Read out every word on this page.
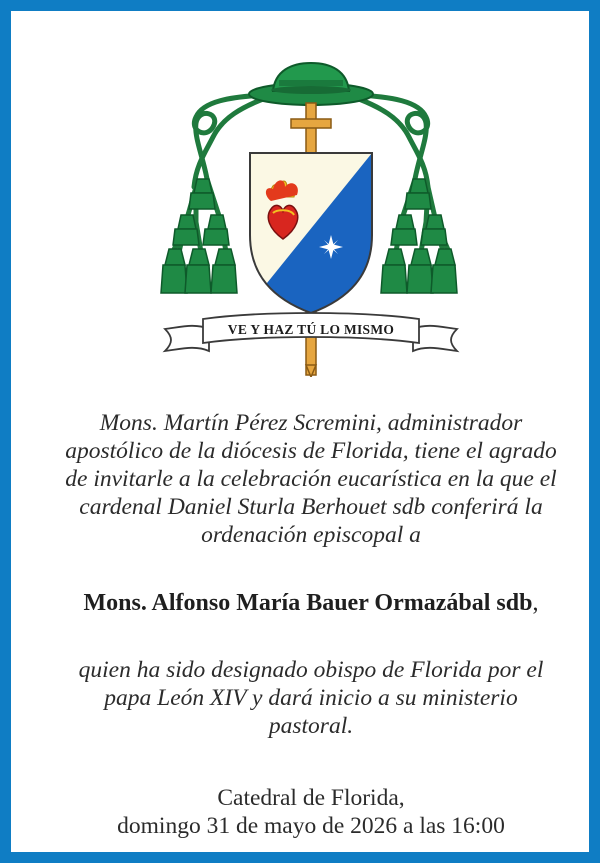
VE Y HAZ TÚ LO MISMO
Mons. Martín Pérez Scremini, administrador
apostólico de la diócesis de Florida, tiene el agrado
de invitarle a la celebración eucarística en la que el
cardenal Daniel Sturla Berhouet sdb conferirá la
ordenación episcopal a
Mons. Alfonso María Bauer Ormazábal sdb,
quien ha sido designado obispo de Florida por el
papa León XIV y dará inicio a su ministerio
pastoral.
Catedral de Florida,
domingo 31 de mayo de 2026 a las 16:00
